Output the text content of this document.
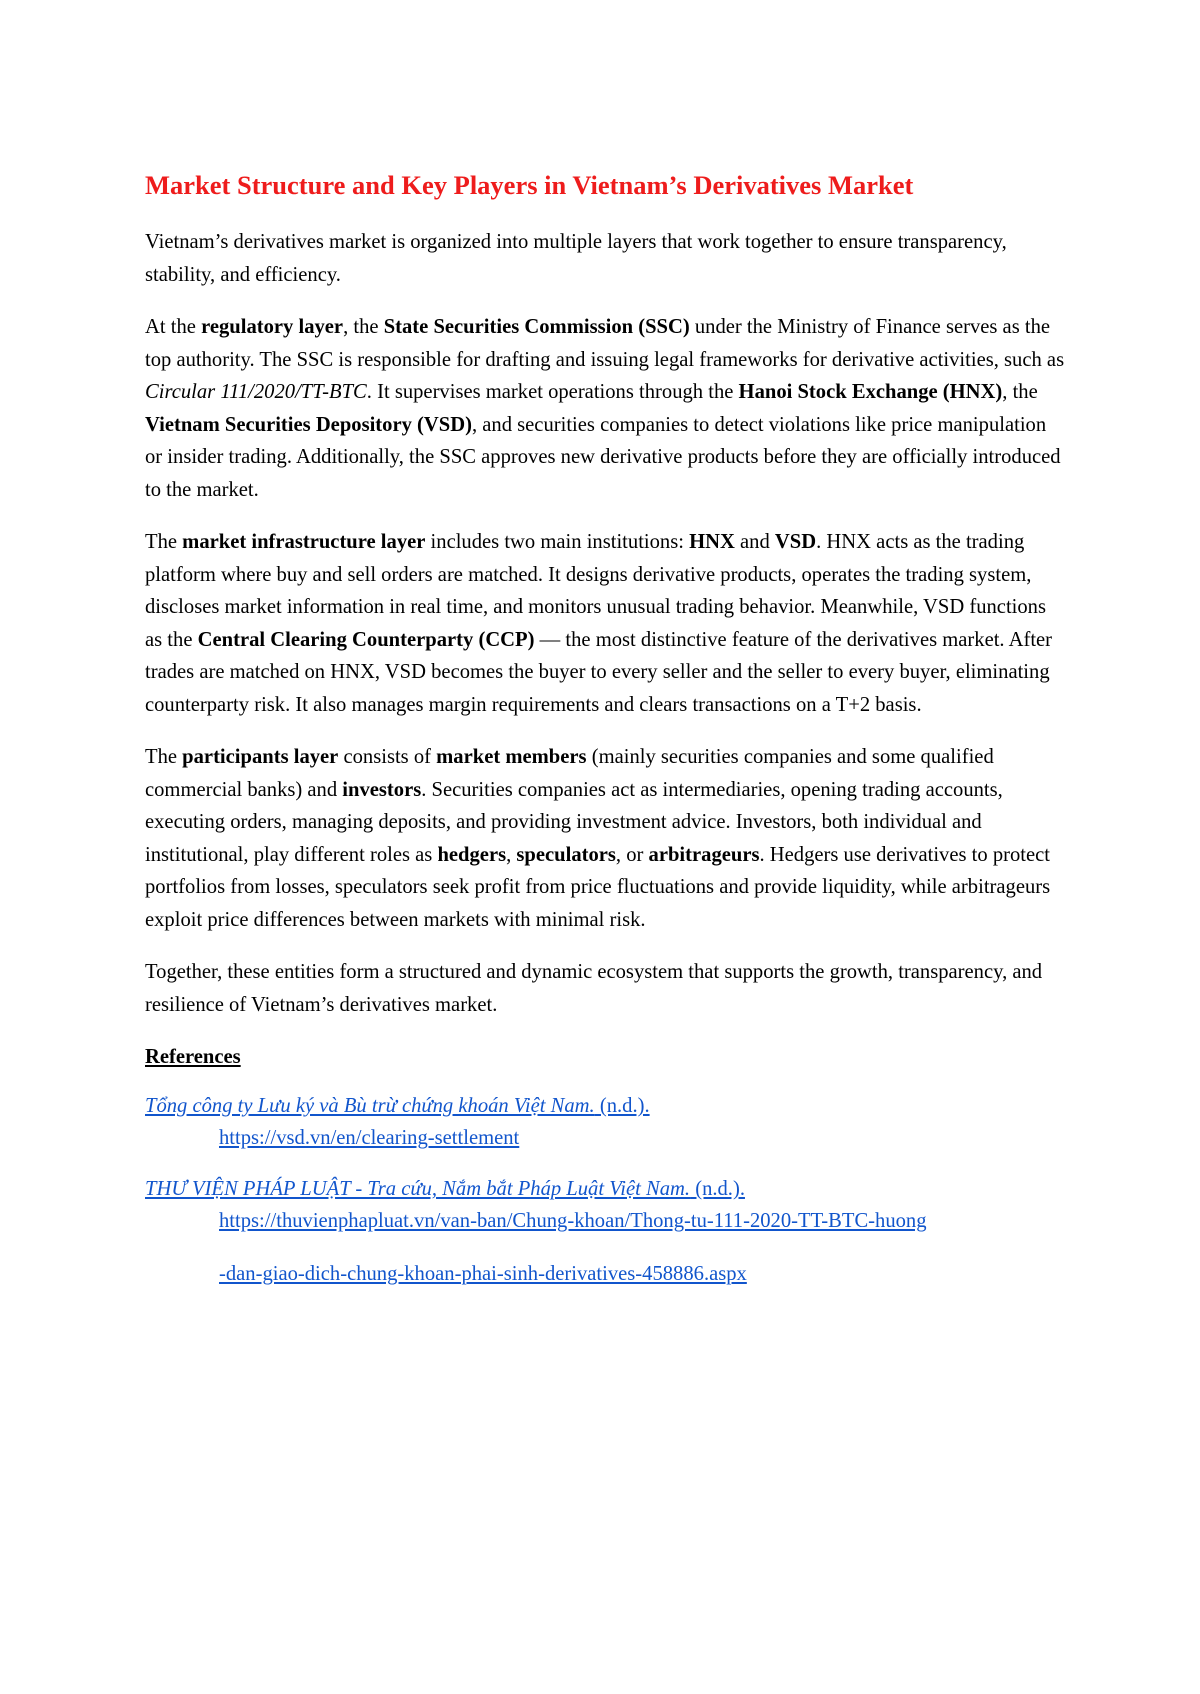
Market Structure and Key Players in Vietnam’s Derivatives Market

Vietnam’s derivatives market is organized into multiple layers that work together to ensure transparency, stability, and efficiency.

At the regulatory layer, the State Securities Commission (SSC) under the Ministry of Finance serves as the top authority. The SSC is responsible for drafting and issuing legal frameworks for derivative activities, such as Circular 111/2020/TT-BTC. It supervises market operations through the Hanoi Stock Exchange (HNX), the Vietnam Securities Depository (VSD), and securities companies to detect violations like price manipulation or insider trading. Additionally, the SSC approves new derivative products before they are officially introduced to the market.

The market infrastructure layer includes two main institutions: HNX and VSD. HNX acts as the trading platform where buy and sell orders are matched. It designs derivative products, operates the trading system, discloses market information in real time, and monitors unusual trading behavior. Meanwhile, VSD functions as the Central Clearing Counterparty (CCP) — the most distinctive feature of the derivatives market. After trades are matched on HNX, VSD becomes the buyer to every seller and the seller to every buyer, eliminating counterparty risk. It also manages margin requirements and clears transactions on a T+2 basis.

The participants layer consists of market members (mainly securities companies and some qualified commercial banks) and investors. Securities companies act as intermediaries, opening trading accounts, executing orders, managing deposits, and providing investment advice. Investors, both individual and institutional, play different roles as hedgers, speculators, or arbitrageurs. Hedgers use derivatives to protect portfolios from losses, speculators seek profit from price fluctuations and provide liquidity, while arbitrageurs exploit price differences between markets with minimal risk.

Together, these entities form a structured and dynamic ecosystem that supports the growth, transparency, and resilience of Vietnam’s derivatives market.

References
Tổng công ty Lưu ký và Bù trừ chứng khoán Việt Nam. (n.d.).
https://vsd.vn/en/clearing-settlement
THƯ VIỆN PHÁP LUẬT - Tra cứu, Nắm bắt Pháp Luật Việt Nam. (n.d.).
https://thuvienphapluat.vn/van-ban/Chung-khoan/Thong-tu-111-2020-TT-BTC-huong
-dan-giao-dich-chung-khoan-phai-sinh-derivatives-458886.aspx
